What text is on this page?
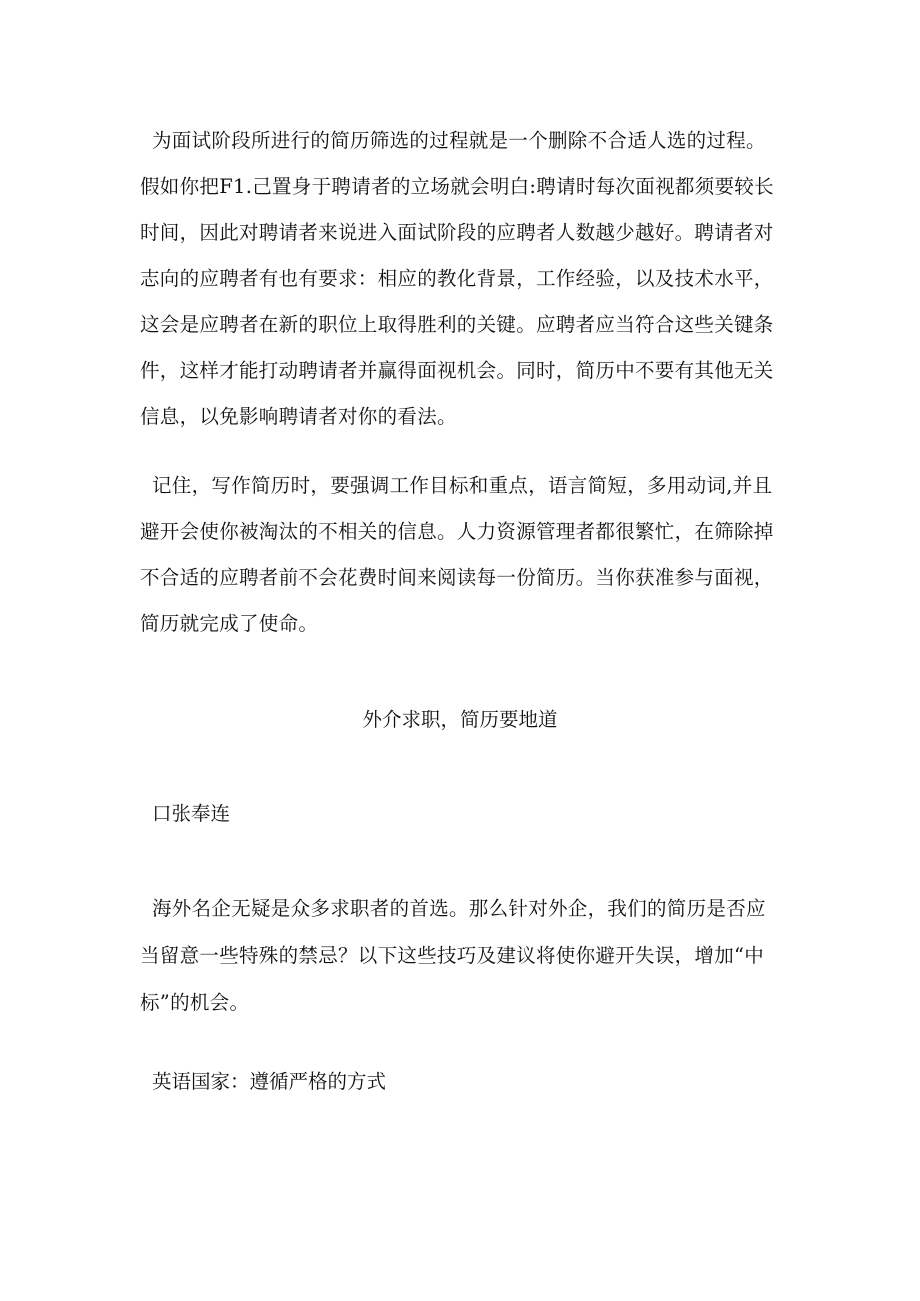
为面试阶段所进行的简历筛选的过程就是一个删除不合适人选的过程。假如你把F1.己置身于聘请者的立场就会明白:聘请时每次面视都须要较长时间，因此对聘请者来说进入面试阶段的应聘者人数越少越好。聘请者对志向的应聘者有也有要求：相应的教化背景，工作经验，以及技术水平，这会是应聘者在新的职位上取得胜利的关键。应聘者应当符合这些关键条件，这样才能打动聘请者并赢得面视机会。同时，简历中不要有其他无关信息，以免影响聘请者对你的看法。

记住，写作简历时，要强调工作目标和重点，语言简短，多用动词,并且避开会使你被淘汰的不相关的信息。人力资源管理者都很繁忙，在筛除掉不合适的应聘者前不会花费时间来阅读每一份简历。当你获准参与面视，简历就完成了使命。

外介求职，简历要地道
口张奉连

海外名企无疑是众多求职者的首选。那么针对外企，我们的简历是否应当留意一些特殊的禁忌？以下这些技巧及建议将使你避开失误，增加“中标”的机会。

英语国家：遵循严格的方式
